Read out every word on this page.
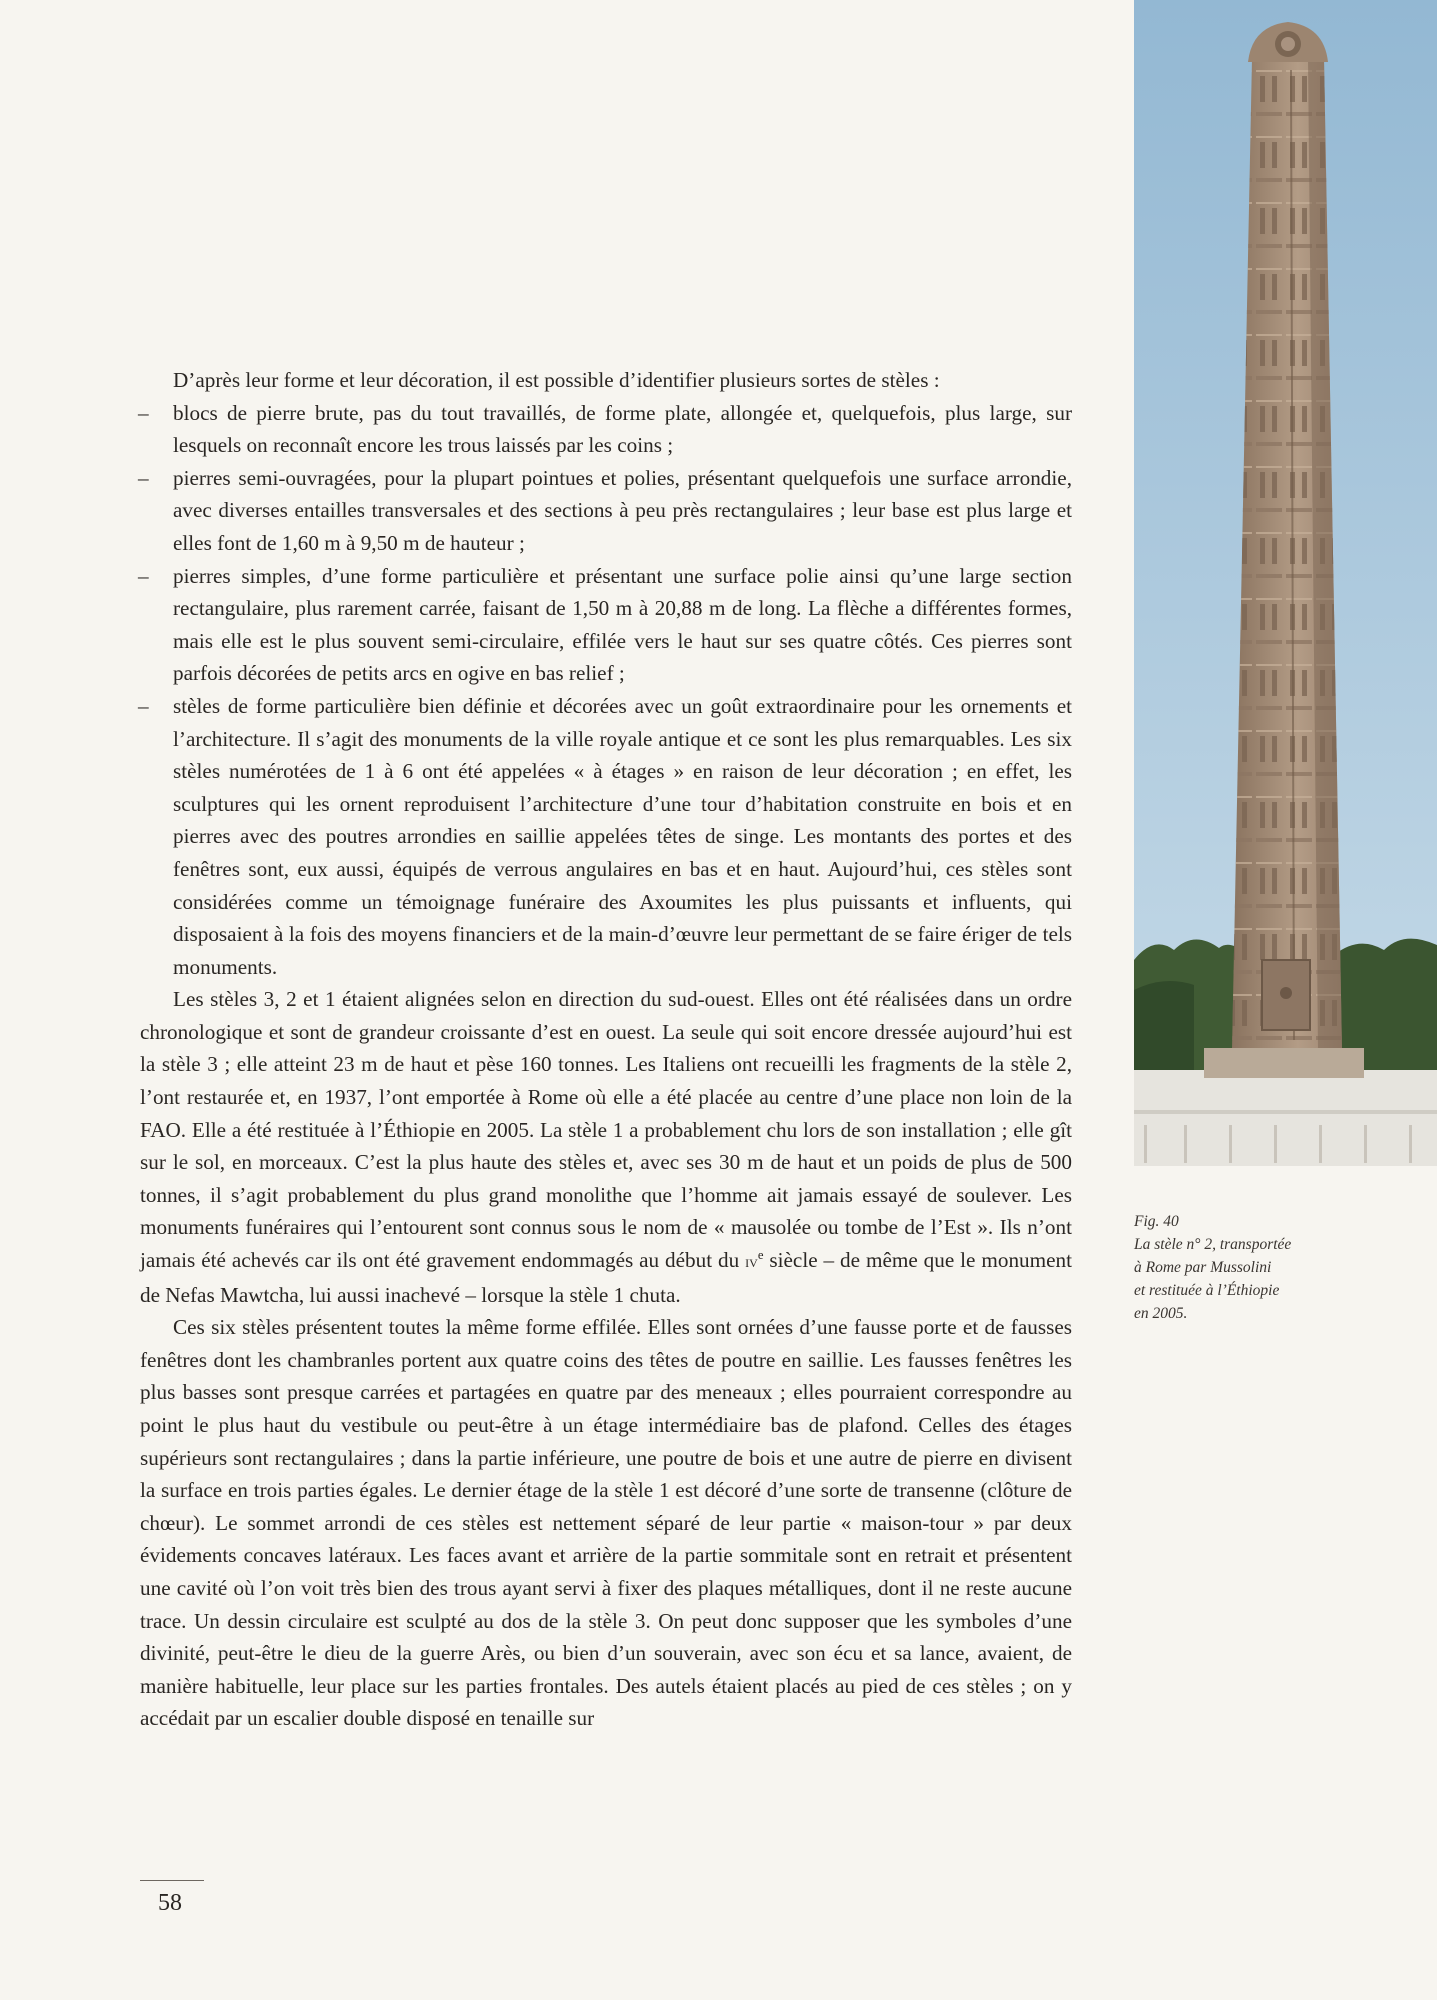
D’après leur forme et leur décoration, il est possible d’identifier plusieurs sortes de stèles :

– blocs de pierre brute, pas du tout travaillés, de forme plate, allongée et, quelquefois, plus large, sur lesquels on reconnaît encore les trous laissés par les coins ;
– pierres semi-ouvragées, pour la plupart pointues et polies, présentant quelquefois une surface arrondie, avec diverses entailles transversales et des sections à peu près rectangulaires ; leur base est plus large et elles font de 1,60 m à 9,50 m de hauteur ;
– pierres simples, d’une forme particulière et présentant une surface polie ainsi qu’une large section rectangulaire, plus rarement carrée, faisant de 1,50 m à 20,88 m de long. La flèche a différentes formes, mais elle est le plus souvent semi-circulaire, effilée vers le haut sur ses quatre côtés. Ces pierres sont parfois décorées de petits arcs en ogive en bas relief ;
– stèles de forme particulière bien définie et décorées avec un goût extraordinaire pour les ornements et l’architecture. Il s’agit des monuments de la ville royale antique et ce sont les plus remarquables. Les six stèles numérotées de 1 à 6 ont été appelées « à étages » en raison de leur décoration ; en effet, les sculptures qui les ornent reproduisent l’architecture d’une tour d’habitation construite en bois et en pierres avec des poutres arrondies en saillie appelées têtes de singe. Les montants des portes et des fenêtres sont, eux aussi, équipés de verrous angulaires en bas et en haut. Aujourd’hui, ces stèles sont considérées comme un témoignage funéraire des Axoumites les plus puissants et influents, qui disposaient à la fois des moyens financiers et de la main-d’œuvre leur permettant de se faire ériger de tels monuments.

Les stèles 3, 2 et 1 étaient alignées selon en direction du sud-ouest. Elles ont été réalisées dans un ordre chronologique et sont de grandeur croissante d’est en ouest. La seule qui soit encore dressée aujourd’hui est la stèle 3 ; elle atteint 23 m de haut et pèse 160 tonnes. Les Italiens ont recueilli les fragments de la stèle 2, l’ont restaurée et, en 1937, l’ont emportée à Rome où elle a été placée au centre d’une place non loin de la FAO. Elle a été restituée à l’Éthiopie en 2005. La stèle 1 a probablement chu lors de son installation ; elle gît sur le sol, en morceaux. C’est la plus haute des stèles et, avec ses 30 m de haut et un poids de plus de 500 tonnes, il s’agit probablement du plus grand monolithe que l’homme ait jamais essayé de soulever. Les monuments funéraires qui l’entourent sont connus sous le nom de « mausolée ou tombe de l’Est ». Ils n’ont jamais été achevés car ils ont été gravement endommagés au début du $iv^e$ siècle – de même que le monument de Nefas Mawtcha, lui aussi inachevé – lorsque la stèle 1 chuta.

Ces six stèles présentent toutes la même forme effilée. Elles sont ornées d’une fausse porte et de fausses fenêtres dont les chambranles portent aux quatre coins des têtes de poutre en saillie. Les fausses fenêtres les plus basses sont presque carrées et partagées en quatre par des meneaux ; elles pourraient correspondre au point le plus haut du vestibule ou peut-être à un étage intermédiaire bas de plafond. Celles des étages supérieurs sont rectangulaires ; dans la partie inférieure, une poutre de bois et une autre de pierre en divisent la surface en trois parties égales. Le dernier étage de la stèle 1 est décoré d’une sorte de transenne (clôture de chœur). Le sommet arrondi de ces stèles est nettement séparé de leur partie « maison-tour » par deux évidements concaves latéraux. Les faces avant et arrière de la partie sommitale sont en retrait et présentent une cavité où l’on voit très bien des trous ayant servi à fixer des plaques métalliques, dont il ne reste aucune trace. Un dessin circulaire est sculpté au dos de la stèle 3. On peut donc supposer que les symboles d’une divinité, peut-être le dieu de la guerre Arès, ou bien d’un souverain, avec son écu et sa lance, avaient, de manière habituelle, leur place sur les parties frontales. Des autels étaient placés au pied de ces stèles ; on y accédait par un escalier double disposé en tenaille sur

Fig. 40
La stèle n° 2, transportée
à Rome par Mussolini
et restituée à l’Éthiopie
en 2005.
58
